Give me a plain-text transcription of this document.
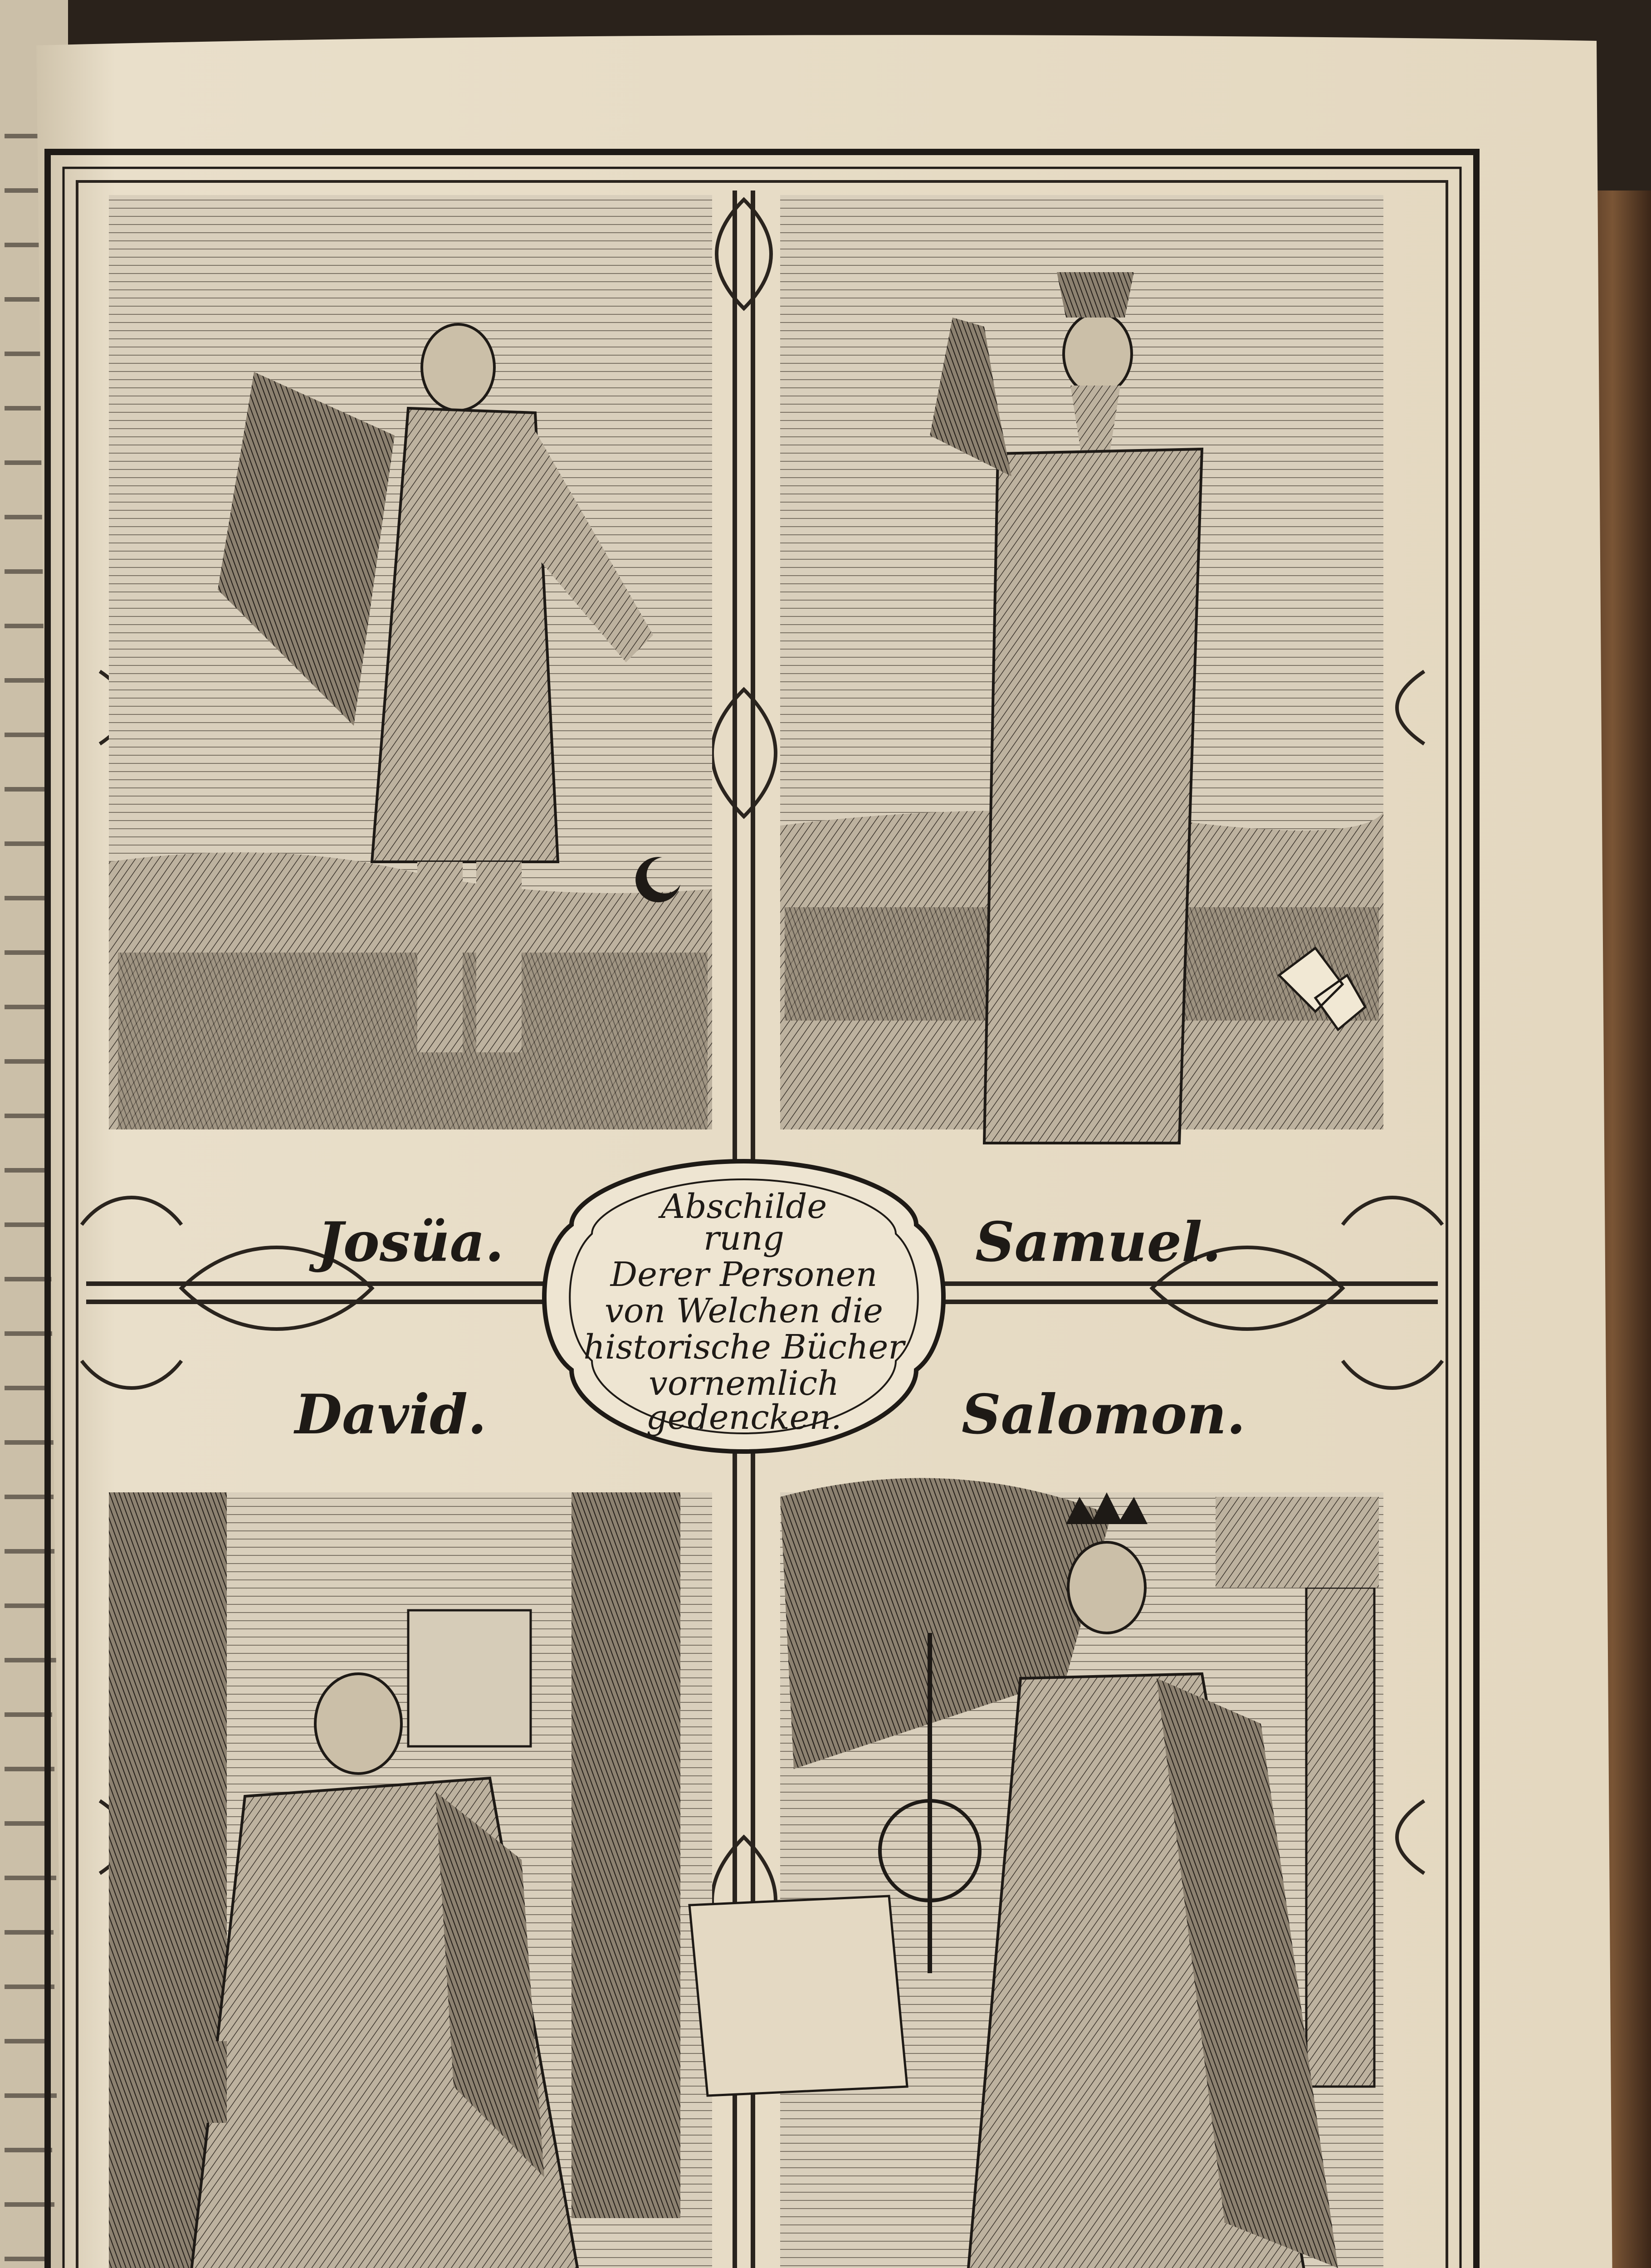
Abschilde
rung
Derer Personen
von Welchen die
historische Bücher
vornemlich
gedencken.
Josüa.	Samuel.
David.	Salomon.
